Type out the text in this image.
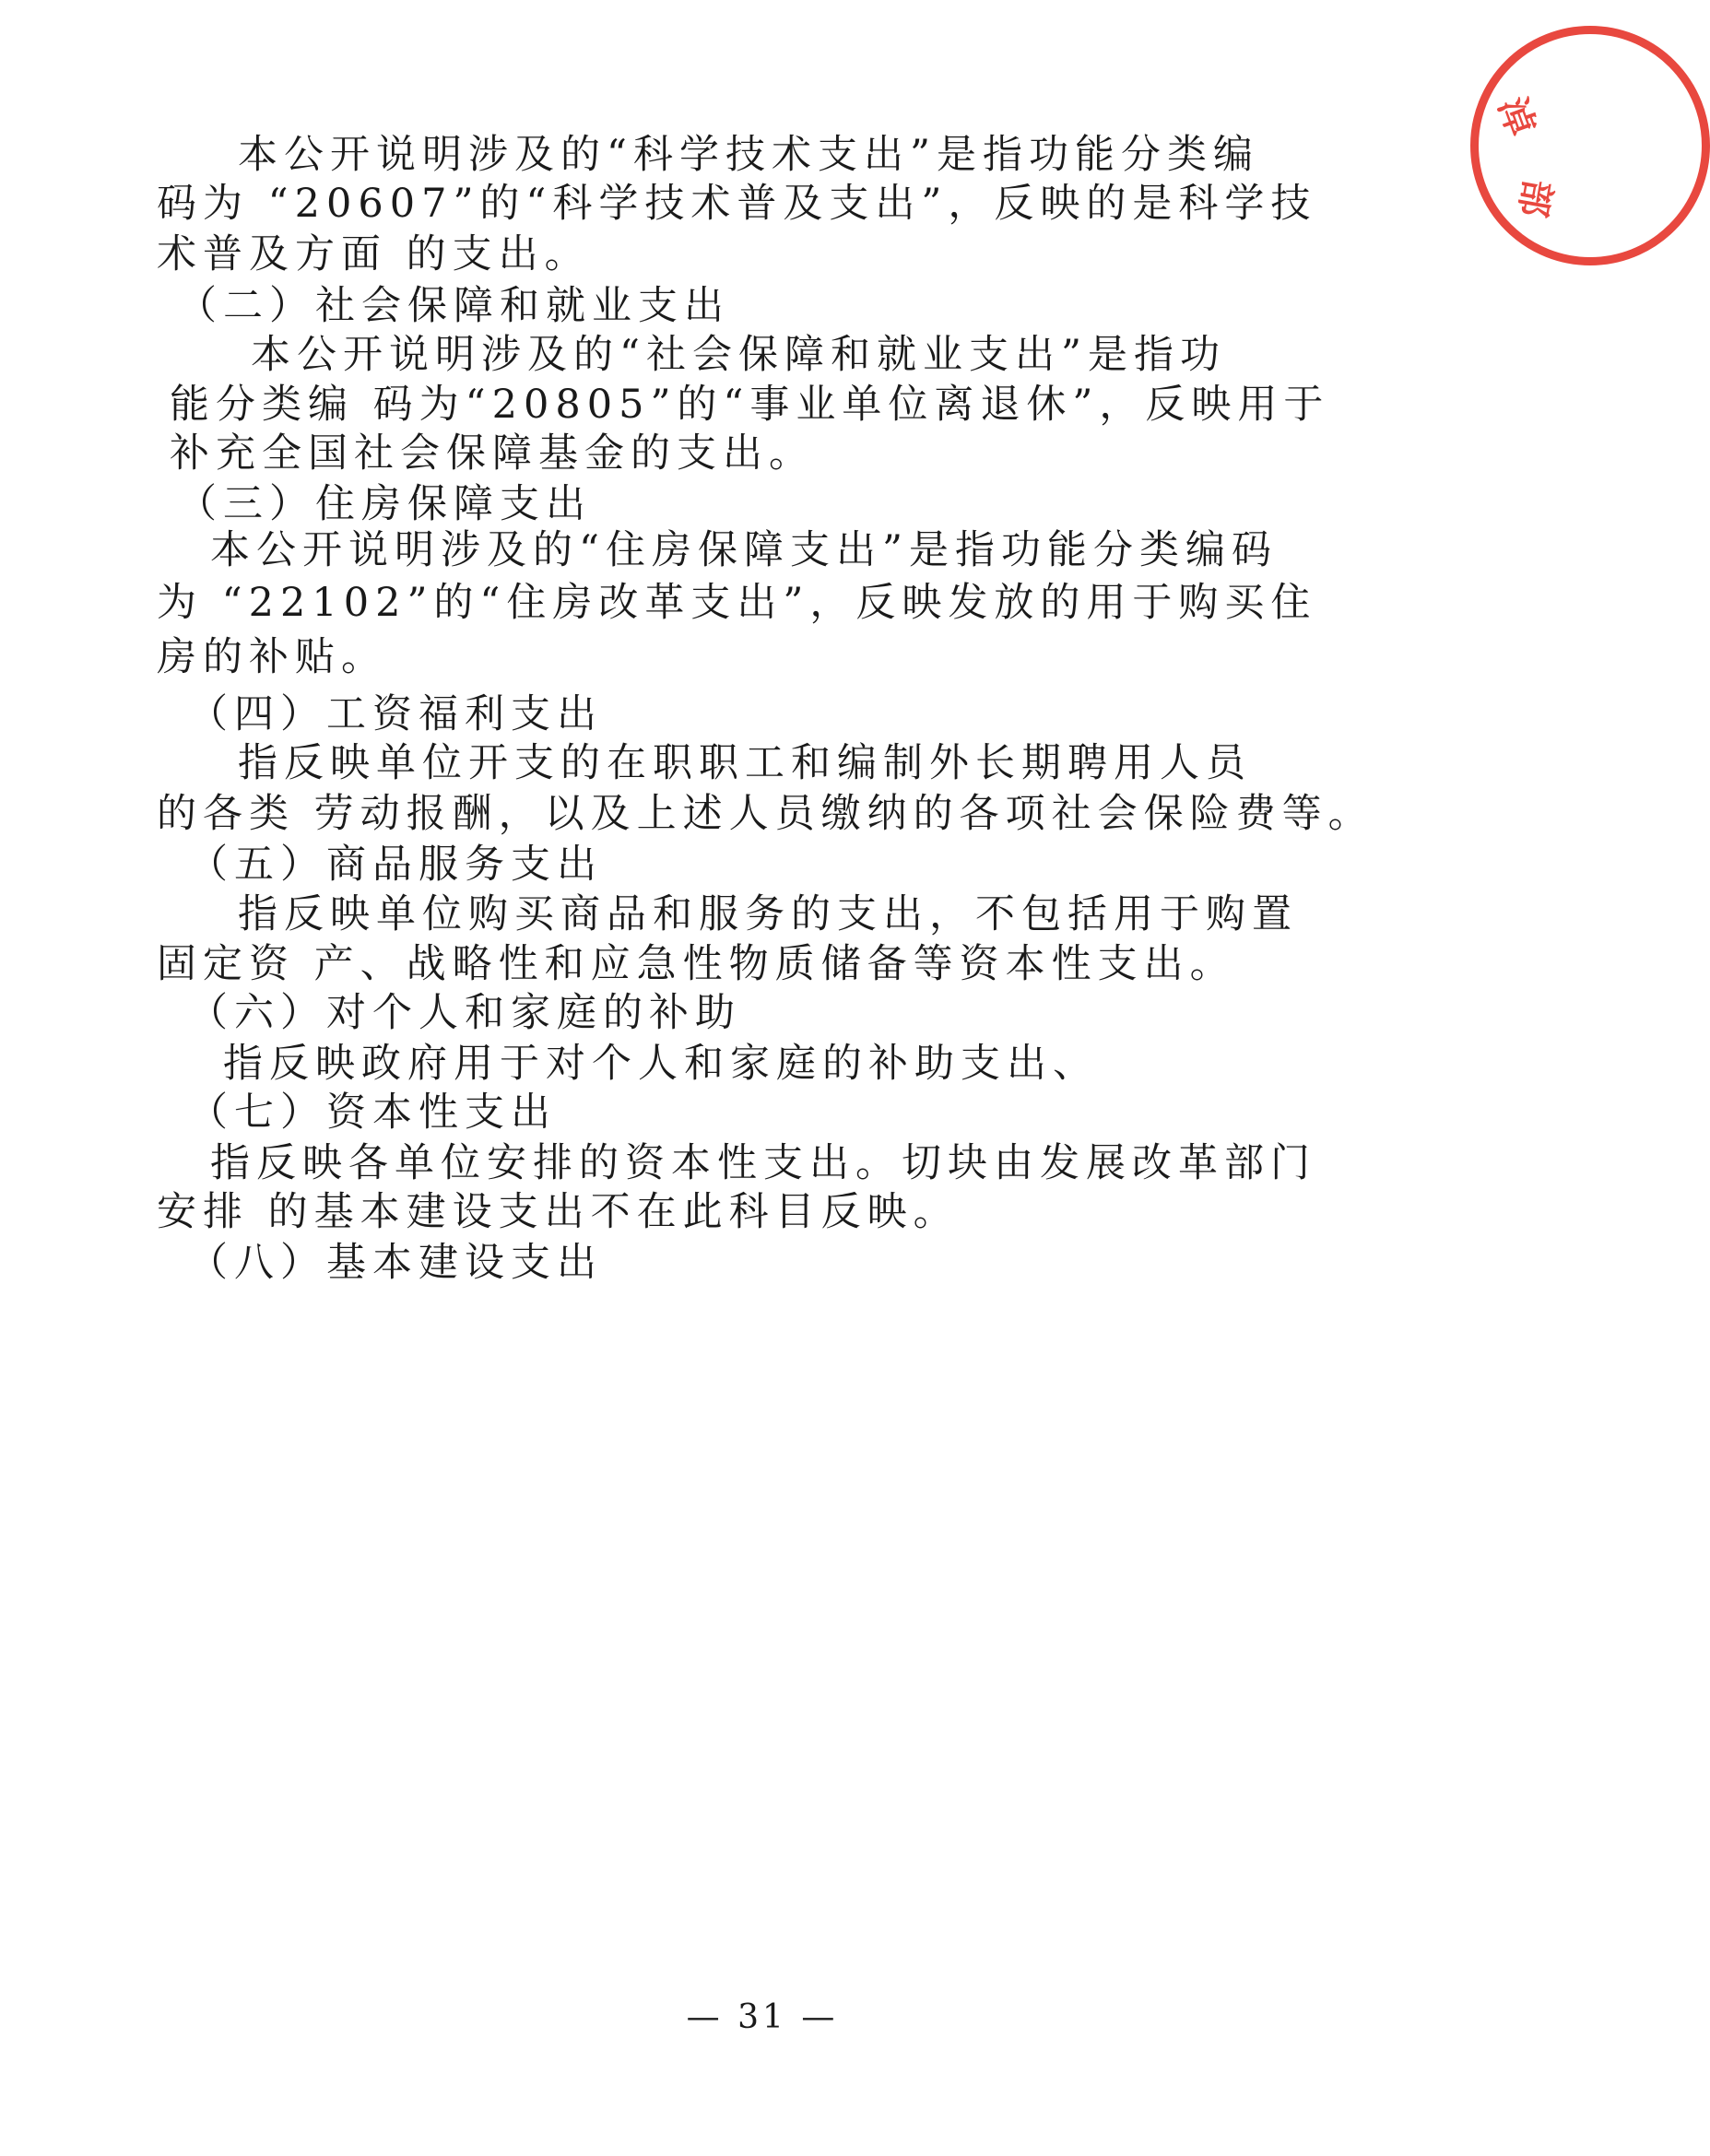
淖
部
本公开说明涉及的“科学技术支出”是指功能分类编
码为 “20607”的“科学技术普及支出”，反映的是科学技
术普及方面 的支出。
（二）社会保障和就业支出
本公开说明涉及的“社会保障和就业支出”是指功
能分类编 码为“20805”的“事业单位离退休”，反映用于
补充全国社会保障基金的支出。
（三）住房保障支出
本公开说明涉及的“住房保障支出”是指功能分类编码
为 “22102”的“住房改革支出”，反映发放的用于购买住
房的补贴。
（四）工资福利支出
指反映单位开支的在职职工和编制外长期聘用人员
的各类 劳动报酬，以及上述人员缴纳的各项社会保险费等。
（五）商品服务支出
指反映单位购买商品和服务的支出，不包括用于购置
固定资 产、战略性和应急性物质储备等资本性支出。
（六）对个人和家庭的补助
指反映政府用于对个人和家庭的补助支出、
（七）资本性支出
指反映各单位安排的资本性支出。切块由发展改革部门
安排 的基本建设支出不在此科目反映。
（八）基本建设支出
— 31 —
